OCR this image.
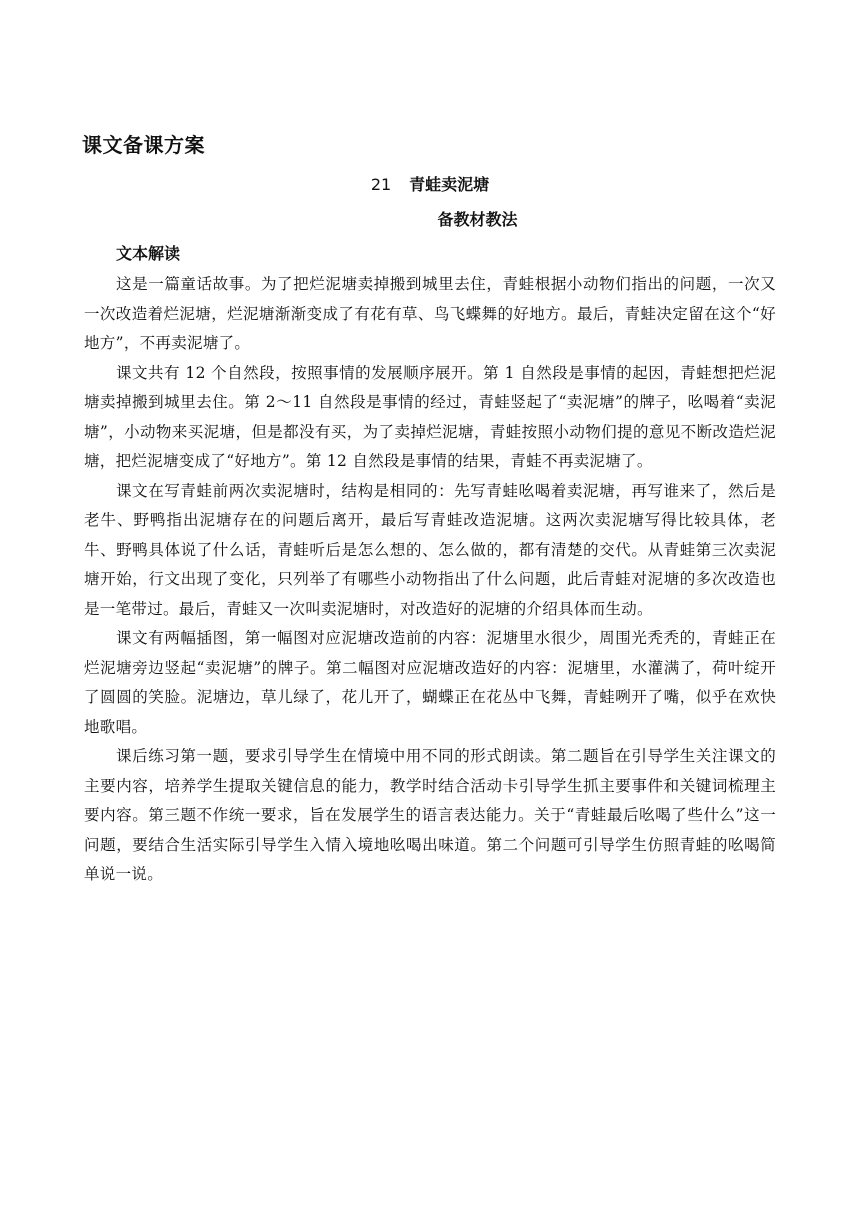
课文备课方案
21 青蛙卖泥塘
备教材教法
文本解读

这是一篇童话故事。为了把烂泥塘卖掉搬到城里去住，青蛙根据小动物们指出的问题，一次又一次改造着烂泥塘，烂泥塘渐渐变成了有花有草、鸟飞蝶舞的好地方。最后，青蛙决定留在这个“好地方”，不再卖泥塘了。

课文共有 12 个自然段，按照事情的发展顺序展开。第 1 自然段是事情的起因，青蛙想把烂泥塘卖掉搬到城里去住。第 2～11 自然段是事情的经过，青蛙竖起了“卖泥塘”的牌子，吆喝着“卖泥塘”，小动物来买泥塘，但是都没有买，为了卖掉烂泥塘，青蛙按照小动物们提的意见不断改造烂泥塘，把烂泥塘变成了“好地方”。第 12 自然段是事情的结果，青蛙不再卖泥塘了。

课文在写青蛙前两次卖泥塘时，结构是相同的：先写青蛙吆喝着卖泥塘，再写谁来了，然后是老牛、野鸭指出泥塘存在的问题后离开，最后写青蛙改造泥塘。这两次卖泥塘写得比较具体，老牛、野鸭具体说了什么话，青蛙听后是怎么想的、怎么做的，都有清楚的交代。从青蛙第三次卖泥塘开始，行文出现了变化，只列举了有哪些小动物指出了什么问题，此后青蛙对泥塘的多次改造也是一笔带过。最后，青蛙又一次叫卖泥塘时，对改造好的泥塘的介绍具体而生动。

课文有两幅插图，第一幅图对应泥塘改造前的内容：泥塘里水很少，周围光秃秃的，青蛙正在烂泥塘旁边竖起“卖泥塘”的牌子。第二幅图对应泥塘改造好的内容：泥塘里，水灌满了，荷叶绽开了圆圆的笑脸。泥塘边，草儿绿了，花儿开了，蝴蝶正在花丛中飞舞，青蛙咧开了嘴，似乎在欢快地歌唱。

课后练习第一题，要求引导学生在情境中用不同的形式朗读。第二题旨在引导学生关注课文的主要内容，培养学生提取关键信息的能力，教学时结合活动卡引导学生抓主要事件和关键词梳理主要内容。第三题不作统一要求，旨在发展学生的语言表达能力。关于“青蛙最后吆喝了些什么”这一问题，要结合生活实际引导学生入情入境地吆喝出味道。第二个问题可引导学生仿照青蛙的吆喝简单说一说。
